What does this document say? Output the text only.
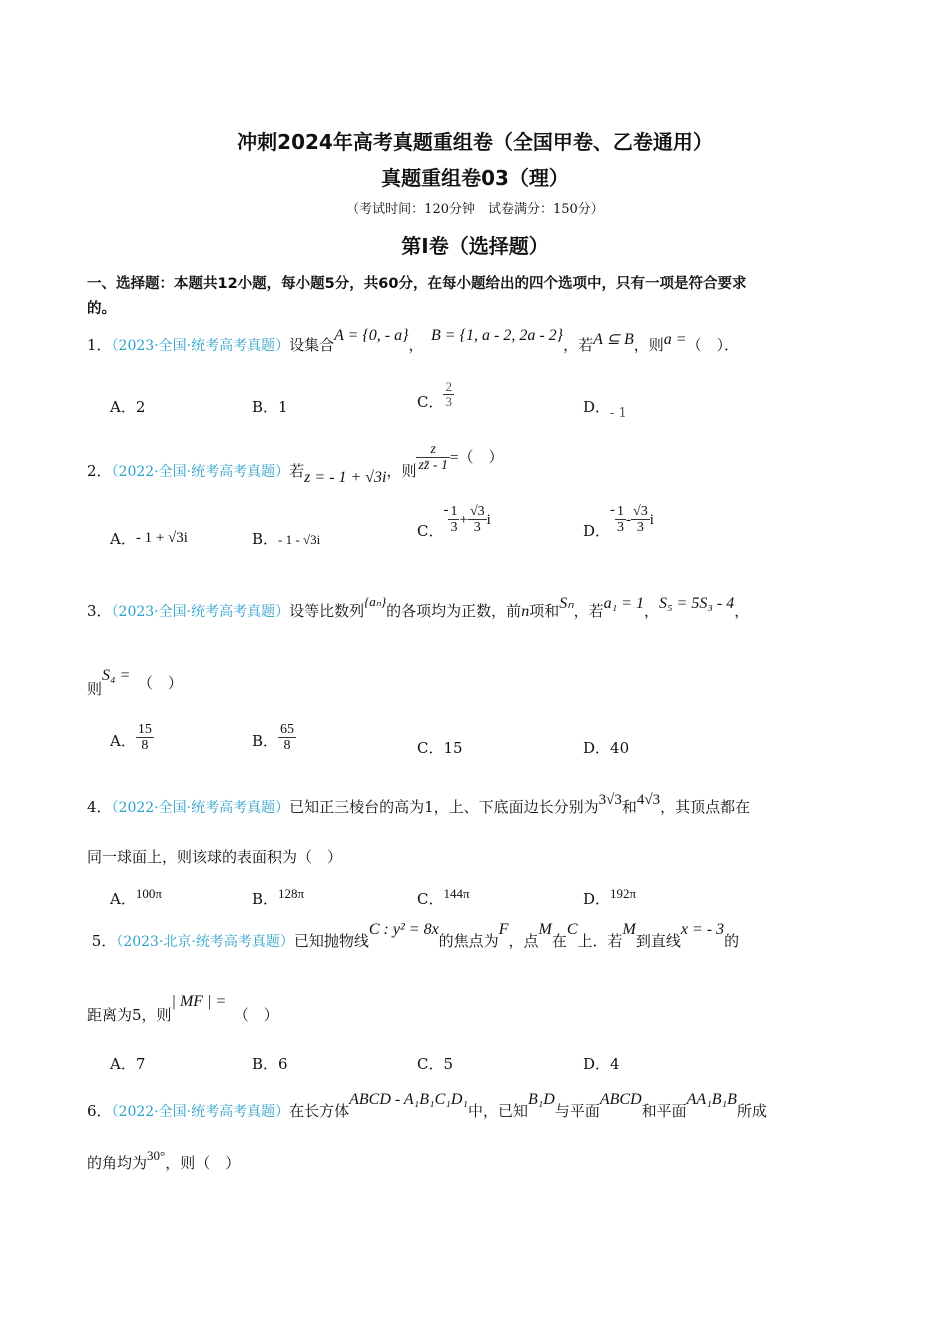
冲刺2024年高考真题重组卷（全国甲卷、乙卷通用）
真题重组卷03（理）
（考试时间：120分钟　试卷满分：150分）
第I卷（选择题）
一、选择题：本题共12小题，每小题5分，共60分，在每小题给出的四个选项中，只有一项是符合要求
的。
1．（2023·全国·统考高考真题）设集合A = {0, - a}，　B = {1, a - 2, 2a - 2}，若A ⊆ B，则a =（　）．
A．2	B．1	C． $\frac{2}{3}$	D．- 1
2．（2022·全国·统考高考真题）若z = - 1 + √3i，则 $\frac{z}{zz̄ - 1}$ =（　）
A．- 1 + √3i	B．- 1 - √3i	C．- $\frac{1}{3} + \frac{√3}{3}$ i
D．- $\frac{1}{3} - \frac{√3}{3}$ i
3．（2023·全国·统考高考真题）设等比数列{aₙ}的各项均为正数，前n项和Sₙ，若a₁ = 1，S₅ = 5S₃ - 4，
则S₄ =　 （　）
A． $\frac{15}{8}$	B． $\frac{65}{8}$	C．15	D．40
4．（2022·全国·统考高考真题）已知正三棱台的高为1，上、下底面边长分别为3√3和4√3，其顶点都在
同一球面上，则该球的表面积为（　）
A．100π	B．128π	C．144π	D．192π
5．（2023·北京·统考高考真题）已知抛物线C : y² = 8x的焦点为F，点M在C上．若M到直线x = - 3的
距离为5，则| MF | =　（　）
A．7	B．6	C．5	D．4
6．（2022·全国·统考高考真题）在长方体ABCD - A₁B₁C₁D₁中，已知B₁D与平面ABCD和平面AA₁B₁B所成
的角均为30°，则（　）
